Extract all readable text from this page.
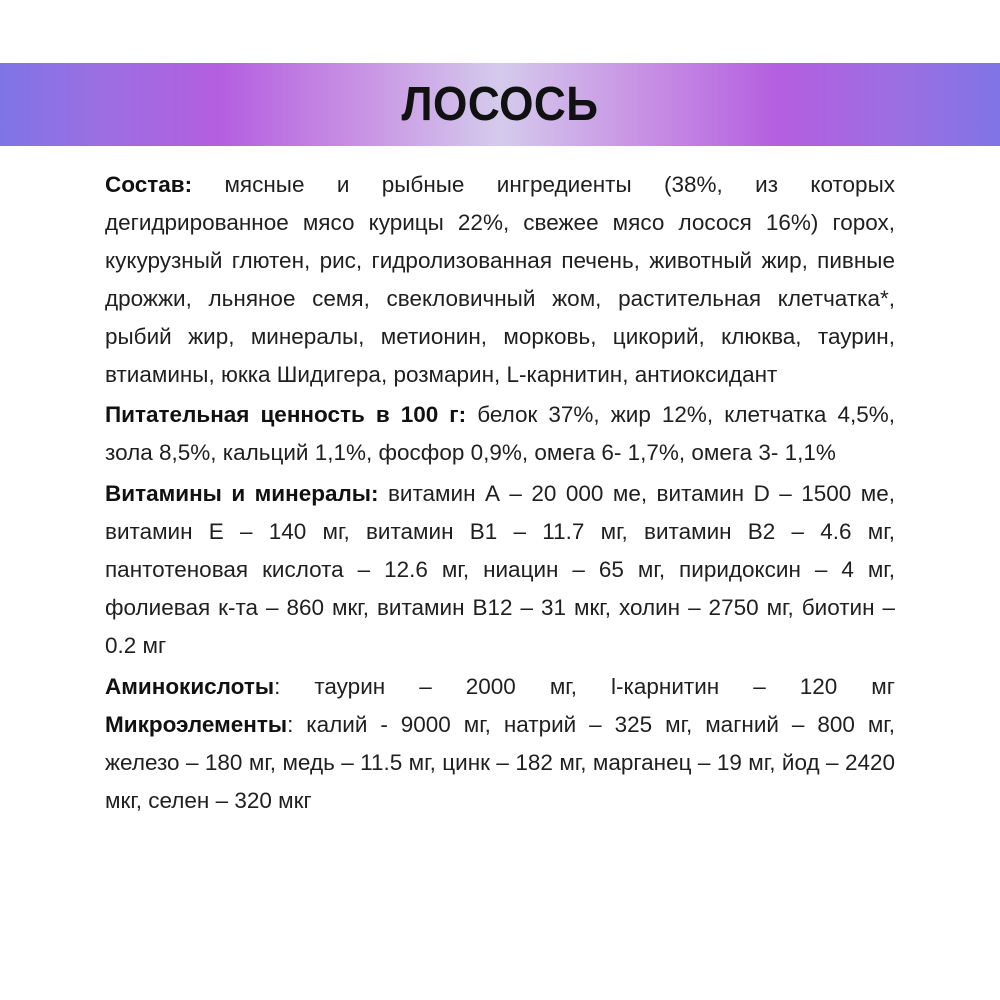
ЛОСОСЬ

Состав: мясные и рыбные ингредиенты (38%, из которых дегидрированное мясо курицы 22%, свежее мясо лосося 16%) горох, кукурузный глютен, рис, гидролизованная печень, животный жир, пивные дрожжи, льняное семя, свекловичный жом, растительная клетчатка*, рыбий жир, минералы, метионин, морковь, цикорий, клюква, таурин, втиамины, юкка Шидигера, розмарин, L-карнитин, антиоксидант

Питательная ценность в 100 г: белок 37%, жир 12%, клетчатка 4,5%, зола 8,5%, кальций 1,1%, фосфор 0,9%, омега 6- 1,7%, омега 3- 1,1%

Витамины и минералы: витамин А – 20 000 ме, витамин D – 1500 ме, витамин Е – 140 мг, витамин В1 – 11.7 мг, витамин В2 – 4.6 мг, пантотеновая кислота – 12.6 мг, ниацин – 65 мг, пиридоксин – 4 мг, фолиевая к-та – 860 мкг, витамин В12 – 31 мкг, холин – 2750 мг, биотин – 0.2 мг

Аминокислоты: таурин – 2000 мг, l-карнитин – 120 мг

Микроэлементы: калий - 9000 мг, натрий – 325 мг, магний – 800 мг, железо – 180 мг, медь – 11.5 мг, цинк – 182 мг, марганец – 19 мг, йод – 2420 мкг, селен – 320 мкг
